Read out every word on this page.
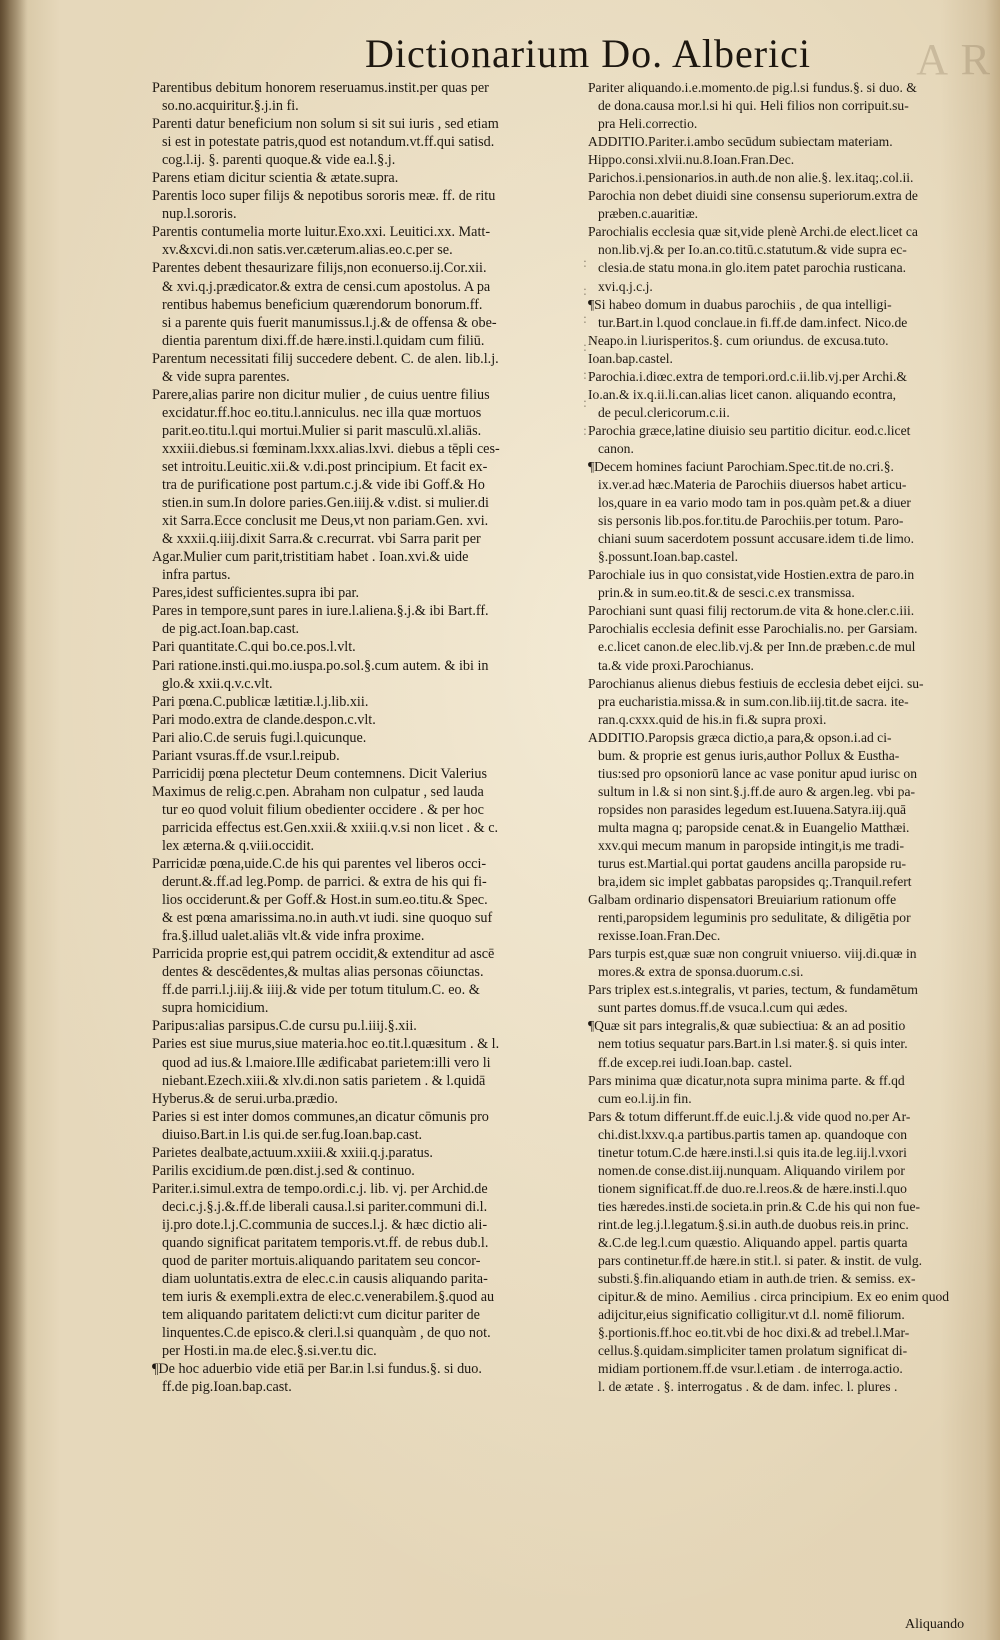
A R
Dictionarium Do. Alberici
: : : : : : :
Parentibus debitum honorem reseruamus.instit.per quas per
so.no.acquiritur.§.j.in fi.
Parenti datur beneficium non solum si sit sui iuris , sed etiam
si est in potestate patris,quod est notandum.vt.ff.qui satisd.
cog.l.ij. §. parenti quoque.& vide ea.l.§.j.
Parens etiam dicitur scientia & ætate.supra.
Parentis loco super filijs & nepotibus sororis meæ. ff. de ritu
nup.l.sororis.
Parentis contumelia morte luitur.Exo.xxi. Leuitici.xx. Matt-
xv.&xcvi.di.non satis.ver.cæterum.alias.eo.c.per se.
Parentes debent thesaurizare filijs,non econuerso.ij.Cor.xii.
& xvi.q.j.prædicator.& extra de censi.cum apostolus. A pa
rentibus habemus beneficium quærendorum bonorum.ff.
si a parente quis fuerit manumissus.l.j.& de offensa & obe-
dientia parentum dixi.ff.de hære.insti.l.quidam cum filiū.
Parentum necessitati filij succedere debent. C. de alen. lib.l.j.
& vide supra parentes.
Parere,alias parire non dicitur mulier , de cuius uentre filius
excidatur.ff.hoc eo.titu.l.anniculus. nec illa quæ mortuos
parit.eo.titu.l.qui mortui.Mulier si parit masculū.xl.aliās.
xxxiii.diebus.si fœminam.lxxx.alias.lxvi. diebus a tēpli ces-
set introitu.Leuitic.xii.& v.di.post principium. Et facit ex-
tra de purificatione post partum.c.j.& vide ibi Goff.& Ho
stien.in sum.In dolore paries.Gen.iiij.& v.dist. si mulier.di
xit Sarra.Ecce conclusit me Deus,vt non pariam.Gen. xvi.
& xxxii.q.iiij.dixit Sarra.& c.recurrat. vbi Sarra parit per
Agar.Mulier cum parit,tristitiam habet . Ioan.xvi.& uide
infra partus.
Pares,idest sufficientes.supra ibi par.
Pares in tempore,sunt pares in iure.l.aliena.§.j.& ibi Bart.ff.
de pig.act.Ioan.bap.cast.
Pari quantitate.C.qui bo.ce.pos.l.vlt.
Pari ratione.insti.qui.mo.iuspa.po.sol.§.cum autem. & ibi in
glo.& xxii.q.v.c.vlt.
Pari pœna.C.publicæ lætitiæ.l.j.lib.xii.
Pari modo.extra de clande.despon.c.vlt.
Pari alio.C.de seruis fugi.l.quicunque.
Pariant vsuras.ff.de vsur.l.reipub.
Parricidij pœna plectetur Deum contemnens. Dicit Valerius
Maximus de relig.c.pen. Abraham non culpatur , sed lauda
tur eo quod voluit filium obedienter occidere . & per hoc
parricida effectus est.Gen.xxii.& xxiii.q.v.si non licet . & c.
lex æterna.& q.viii.occidit.
Parricidæ pœna,uide.C.de his qui parentes vel liberos occi-
derunt.&.ff.ad leg.Pomp. de parrici. & extra de his qui fi-
lios occiderunt.& per Goff.& Host.in sum.eo.titu.& Spec.
& est pœna amarissima.no.in auth.vt iudi. sine quoquo suf
fra.§.illud ualet.aliās vlt.& vide infra proxime.
Parricida proprie est,qui patrem occidit,& extenditur ad ascē
dentes & descēdentes,& multas alias personas cōiunctas.
ff.de parri.l.j.iij.& iiij.& vide per totum titulum.C. eo. &
supra homicidium.
Paripus:alias parsipus.C.de cursu pu.l.iiij.§.xii.
Paries est siue murus,siue materia.hoc eo.tit.l.quæsitum . & l.
quod ad ius.& l.maiore.Ille ædificabat parietem:illi vero li
niebant.Ezech.xiii.& xlv.di.non satis parietem . & l.quidā
Hyberus.& de serui.urba.prædio.
Paries si est inter domos communes,an dicatur cōmunis pro
diuiso.Bart.in l.is qui.de ser.fug.Ioan.bap.cast.
Parietes dealbate,actuum.xxiii.& xxiii.q.j.paratus.
Parilis excidium.de pœn.dist.j.sed & continuo.
Pariter.i.simul.extra de tempo.ordi.c.j. lib. vj. per Archid.de
deci.c.j.§.j.&.ff.de liberali causa.l.si pariter.communi di.l.
ij.pro dote.l.j.C.communia de succes.l.j. & hæc dictio ali-
quando significat paritatem temporis.vt.ff. de rebus dub.l.
quod de pariter mortuis.aliquando paritatem seu concor-
diam uoluntatis.extra de elec.c.in causis aliquando parita-
tem iuris & exempli.extra de elec.c.venerabilem.§.quod au
tem aliquando paritatem delicti:vt cum dicitur pariter de
linquentes.C.de episco.& cleri.l.si quanquàm , de quo not.
per Hosti.in ma.de elec.§.si.ver.tu dic.
¶De hoc aduerbio vide etiā per Bar.in l.si fundus.§. si duo.
ff.de pig.Ioan.bap.cast.
Pariter aliquando.i.e.momento.de pig.l.si fundus.§. si duo. &
de dona.causa mor.l.si hi qui. Heli filios non corripuit.su-
pra Heli.correctio.
ADDITIO.Pariter.i.ambo secūdum subiectam materiam.
Hippo.consi.xlvii.nu.8.Ioan.Fran.Dec.
Parichos.i.pensionarios.in auth.de non alie.§. lex.itaq;.col.ii.
Parochia non debet diuidi sine consensu superiorum.extra de
præben.c.auaritiæ.
Parochialis ecclesia quæ sit,vide plenè Archi.de elect.licet ca
non.lib.vj.& per Io.an.co.titū.c.statutum.& vide supra ec-
clesia.de statu mona.in glo.item patet parochia rusticana.
xvi.q.j.c.j.
¶Si habeo domum in duabus parochiis , de qua intelligi-
tur.Bart.in l.quod conclaue.in fi.ff.de dam.infect. Nico.de
Neapo.in l.iurisperitos.§. cum oriundus. de excusa.tuto.
Ioan.bap.castel.
Parochia.i.diœc.extra de tempori.ord.c.ii.lib.vj.per Archi.&
Io.an.& ix.q.ii.li.can.alias licet canon. aliquando econtra,
de pecul.clericorum.c.ii.
Parochia græce,latine diuisio seu partitio dicitur. eod.c.licet
canon.
¶Decem homines faciunt Parochiam.Spec.tit.de no.cri.§.
ix.ver.ad hæc.Materia de Parochiis diuersos habet articu-
los,quare in ea vario modo tam in pos.quàm pet.& a diuer
sis personis lib.pos.for.titu.de Parochiis.per totum. Paro-
chiani suum sacerdotem possunt accusare.idem ti.de limo.
§.possunt.Ioan.bap.castel.
Parochiale ius in quo consistat,vide Hostien.extra de paro.in
prin.& in sum.eo.tit.& de sesci.c.ex transmissa.
Parochiani sunt quasi filij rectorum.de vita & hone.cler.c.iii.
Parochialis ecclesia definit esse Parochialis.no. per Garsiam.
e.c.licet canon.de elec.lib.vj.& per Inn.de præben.c.de mul
ta.& vide proxi.Parochianus.
Parochianus alienus diebus festiuis de ecclesia debet eijci. su-
pra eucharistia.missa.& in sum.con.lib.iij.tit.de sacra. ite-
ran.q.cxxx.quid de his.in fi.& supra proxi.
ADDITIO.Paropsis græca dictio,a para,& opson.i.ad ci-
bum. & proprie est genus iuris,author Pollux & Eustha-
tius:sed pro opsoniorū lance ac vase ponitur apud iurisc on
sultum in l.& si non sint.§.j.ff.de auro & argen.leg. vbi pa-
ropsides non parasides legedum est.Iuuena.Satyra.iij.quā
multa magna q; paropside cenat.& in Euangelio Matthæi.
xxv.qui mecum manum in paropside intingit,is me tradi-
turus est.Martial.qui portat gaudens ancilla paropside ru-
bra,idem sic implet gabbatas paropsides q;.Tranquil.refert
Galbam ordinario dispensatori Breuiarium rationum offe
renti,paropsidem leguminis pro sedulitate, & diligētia por
rexisse.Ioan.Fran.Dec.
Pars turpis est,quæ suæ non congruit vniuerso. viij.di.quæ in
mores.& extra de sponsa.duorum.c.si.
Pars triplex est.s.integralis, vt paries, tectum, & fundamētum
sunt partes domus.ff.de vsuca.l.cum qui ædes.
¶Quæ sit pars integralis,& quæ subiectiua: & an ad positio
nem totius sequatur pars.Bart.in l.si mater.§. si quis inter.
ff.de excep.rei iudi.Ioan.bap. castel.
Pars minima quæ dicatur,nota supra minima parte. & ff.qd
cum eo.l.ij.in fin.
Pars & totum differunt.ff.de euic.l.j.& vide quod no.per Ar-
chi.dist.lxxv.q.a partibus.partis tamen ap. quandoque con
tinetur totum.C.de hære.insti.l.si quis ita.de leg.iij.l.vxori
nomen.de conse.dist.iij.nunquam. Aliquando virilem por
tionem significat.ff.de duo.re.l.reos.& de hære.insti.l.quo
ties hæredes.insti.de societa.in prin.& C.de his qui non fue-
rint.de leg.j.l.legatum.§.si.in auth.de duobus reis.in princ.
&.C.de leg.l.cum quæstio. Aliquando appel. partis quarta
pars continetur.ff.de hære.in stit.l. si pater. & instit. de vulg.
substi.§.fin.aliquando etiam in auth.de trien. & semiss. ex-
cipitur.& de mino. Aemilius . circa principium. Ex eo enim quod
adijcitur,eius significatio colligitur.vt d.l. nomē filiorum.
§.portionis.ff.hoc eo.tit.vbi de hoc dixi.& ad trebel.l.Mar-
cellus.§.quidam.simpliciter tamen prolatum significat di-
midiam portionem.ff.de vsur.l.etiam . de interroga.actio.
l. de ætate . §. interrogatus . & de dam. infec. l. plures .
Aliquando
